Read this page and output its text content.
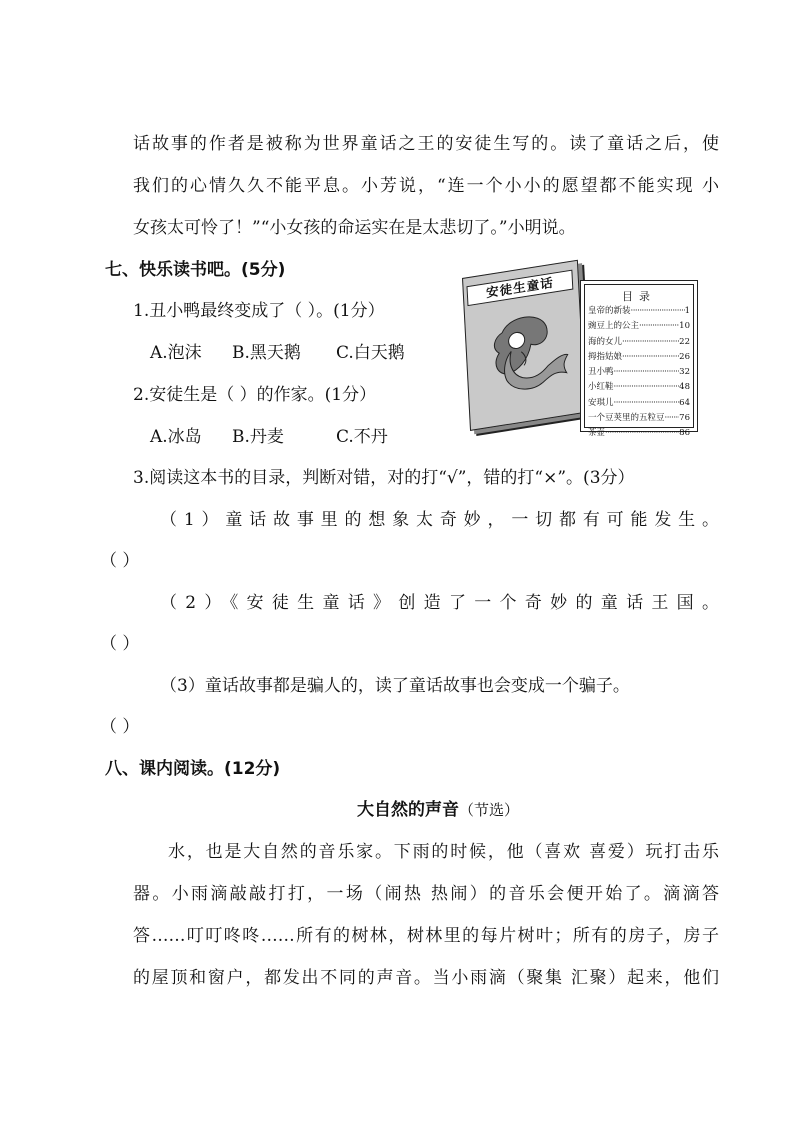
话故事的作者是被称为世界童话之王的安徒生写的。读了童话之后，使
我们的心情久久不能平息。小芳说，“连一个小小的愿望都不能实现 小
女孩太可怜了！”“小女孩的命运实在是太悲切了。”小明说。
七、快乐读书吧。(5分)
1.丑小鸭最终变成了（ ）。(1分）
A.泡沫 B.黑天鹅 C.白天鹅
2.安徒生是（ ）的作家。(1分）
A.冰岛 B.丹麦	C.不丹
安徒生童话	目录
皇帝的新装 ·····	1
豌豆上的公主 ·····	10
海的女儿 ·····	22
拇指姑娘 ·····	26
丑小鸭 ·····	32
小红鞋 ·····	48
安琪儿 ·····	64
一个豆荚里的五粒豆 ····· 76
茶壶 ·····	86
3.阅读这本书的目录，判断对错，对的打“√”，错的打“×”。(3分）
（1）童话故事里的想象太奇妙，一切都有可能发生。
（ ）
（2）《安徒生童话》创造了一个奇妙的童话王国。
（ ）
（3）童话故事都是骗人的，读了童话故事也会变成一个骗子。
（ ）
八、课内阅读。(12分)
大自然的声音（节选）
水，也是大自然的音乐家。下雨的时候，他（喜欢 喜爱）玩打击乐
器。小雨滴敲敲打打，一场（闹热 热闹）的音乐会便开始了。滴滴答
答……叮叮咚咚……所有的树林，树林里的每片树叶；所有的房子，房子
的屋顶和窗户，都发出不同的声音。当小雨滴（聚集 汇聚）起来，他们
